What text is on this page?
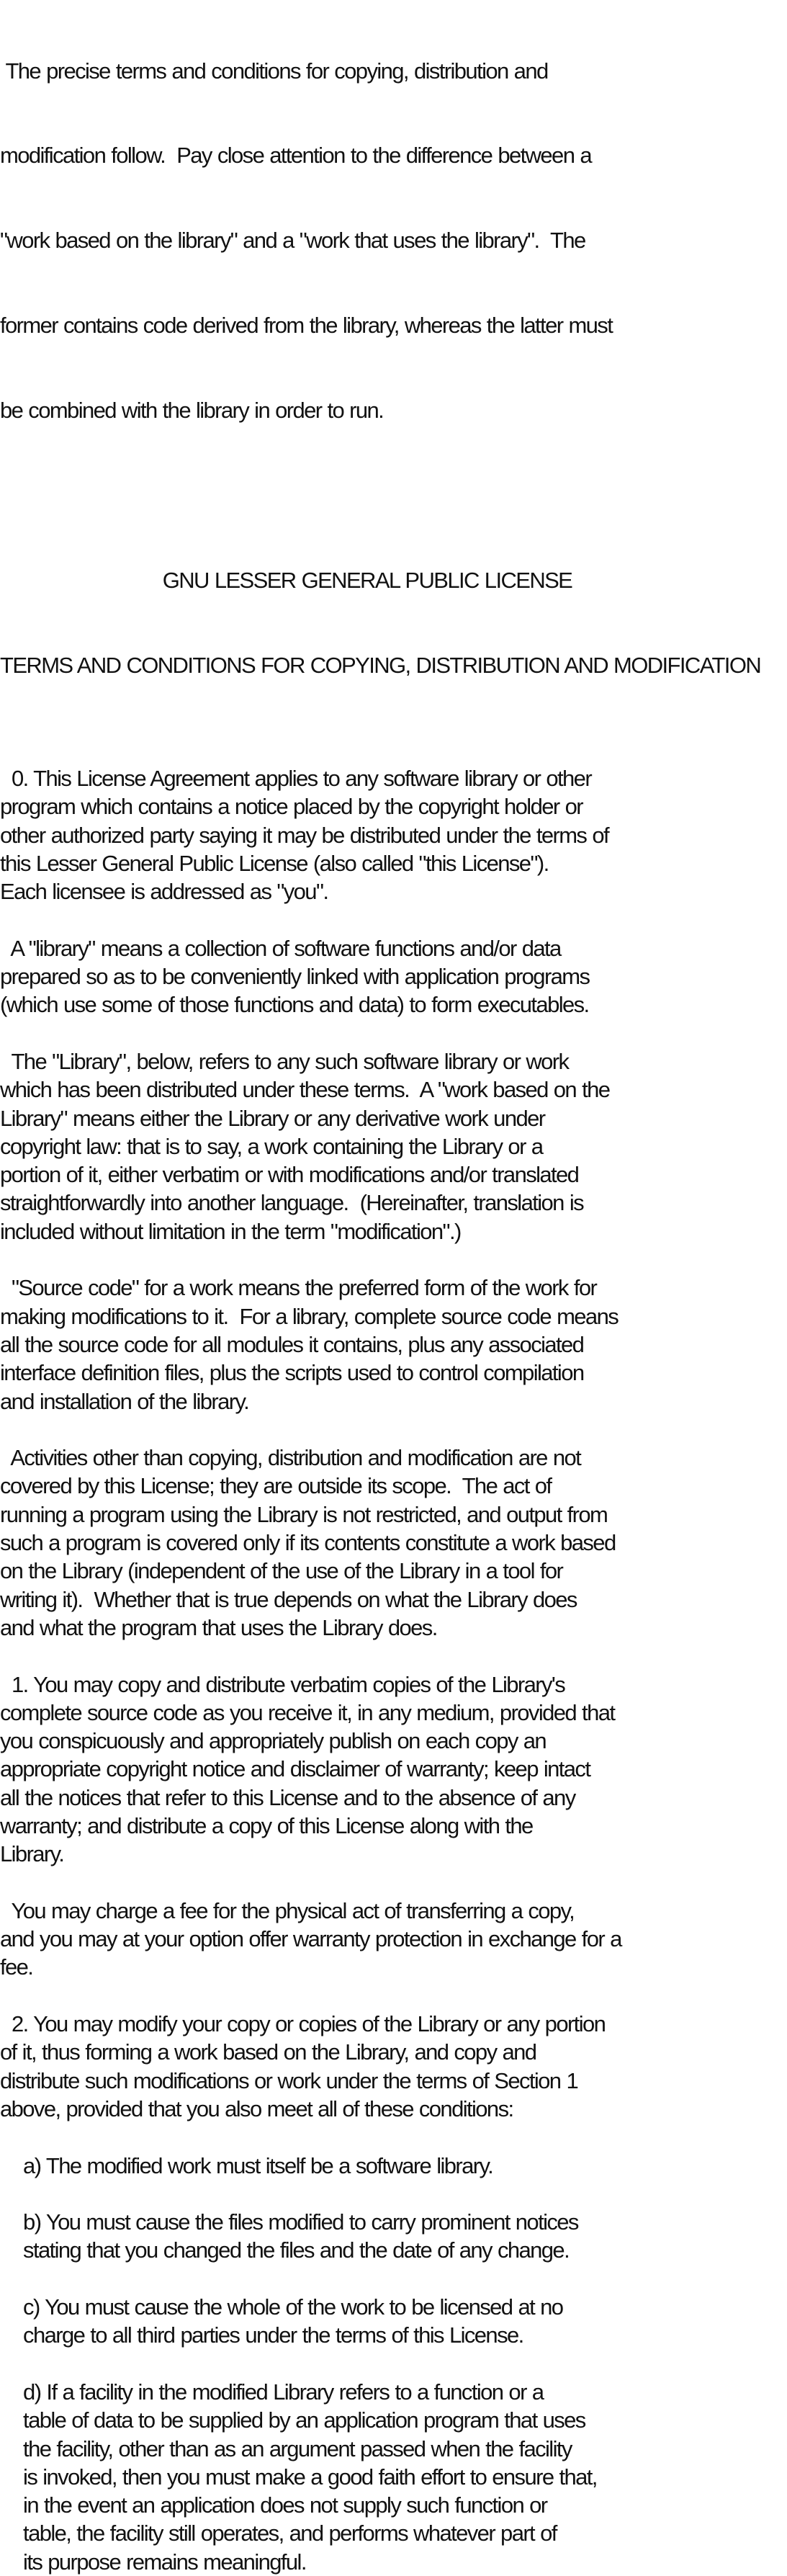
The precise terms and conditions for copying, distribution and

modification follow.  Pay close attention to the difference between a

"work based on the library" and a "work that uses the library".  The

former contains code derived from the library, whereas the latter must

be combined with the library in order to run.

GNU LESSER GENERAL PUBLIC LICENSE

TERMS AND CONDITIONS FOR COPYING, DISTRIBUTION AND MODIFICATION

0. This License Agreement applies to any software library or other
program which contains a notice placed by the copyright holder or
other authorized party saying it may be distributed under the terms of
this Lesser General Public License (also called "this License").
Each licensee is addressed as "you".
A "library" means a collection of software functions and/or data
prepared so as to be conveniently linked with application programs
(which use some of those functions and data) to form executables.
The "Library", below, refers to any such software library or work
which has been distributed under these terms.  A "work based on the
Library" means either the Library or any derivative work under
copyright law: that is to say, a work containing the Library or a
portion of it, either verbatim or with modifications and/or translated
straightforwardly into another language.  (Hereinafter, translation is
included without limitation in the term "modification".)
"Source code" for a work means the preferred form of the work for
making modifications to it.  For a library, complete source code means
all the source code for all modules it contains, plus any associated
interface definition files, plus the scripts used to control compilation
and installation of the library.
Activities other than copying, distribution and modification are not
covered by this License; they are outside its scope.  The act of
running a program using the Library is not restricted, and output from
such a program is covered only if its contents constitute a work based
on the Library (independent of the use of the Library in a tool for
writing it).  Whether that is true depends on what the Library does
and what the program that uses the Library does.
1. You may copy and distribute verbatim copies of the Library's
complete source code as you receive it, in any medium, provided that
you conspicuously and appropriately publish on each copy an
appropriate copyright notice and disclaimer of warranty; keep intact
all the notices that refer to this License and to the absence of any
warranty; and distribute a copy of this License along with the
Library.
You may charge a fee for the physical act of transferring a copy,
and you may at your option offer warranty protection in exchange for a
fee.
2. You may modify your copy or copies of the Library or any portion
of it, thus forming a work based on the Library, and copy and
distribute such modifications or work under the terms of Section 1
above, provided that you also meet all of these conditions:
a) The modified work must itself be a software library.
b) You must cause the files modified to carry prominent notices
stating that you changed the files and the date of any change.
c) You must cause the whole of the work to be licensed at no
charge to all third parties under the terms of this License.
d) If a facility in the modified Library refers to a function or a
table of data to be supplied by an application program that uses
the facility, other than as an argument passed when the facility
is invoked, then you must make a good faith effort to ensure that,
in the event an application does not supply such function or
table, the facility still operates, and performs whatever part of
its purpose remains meaningful.
